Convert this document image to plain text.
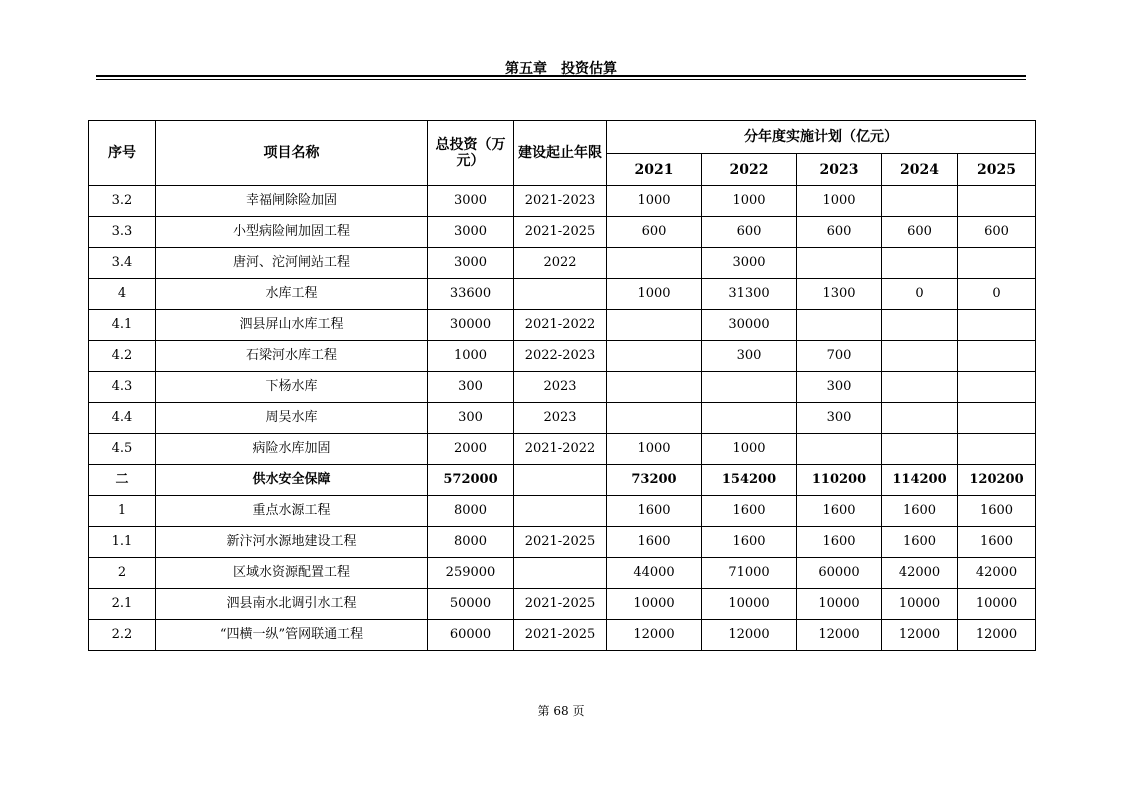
第五章　投资估算
序号	项目名称	总投资（万元）	建设起止年限	分年度实施计划（亿元）				
				2021	2022	2023	2024	2025
3.2	幸福闸除险加固	3000	2021-2023	1000	1000	1000		
3.3	小型病险闸加固工程	3000	2021-2025	600	600	600	600	600
3.4	唐河、沱河闸站工程	3000	2022		3000			
4	水库工程	33600		1000	31300	1300	0	0
4.1	泗县屏山水库工程	30000	2021-2022		30000			
4.2	石梁河水库工程	1000	2022-2023		300	700		
4.3	下杨水库	300	2023			300		
4.4	周吴水库	300	2023			300		
4.5	病险水库加固	2000	2021-2022	1000	1000			
二	供水安全保障	572000		73200	154200	110200	114200	120200
1	重点水源工程	8000		1600	1600	1600	1600	1600
1.1	新汴河水源地建设工程	8000	2021-2025	1600	1600	1600	1600	1600
2	区域水资源配置工程	259000		44000	71000	60000	42000	42000
2.1	泗县南水北调引水工程	50000	2021-2025	10000	10000	10000	10000	10000
2.2	“四横一纵”管网联通工程	60000	2021-2025	12000	12000	12000	12000	12000
第 68 页
